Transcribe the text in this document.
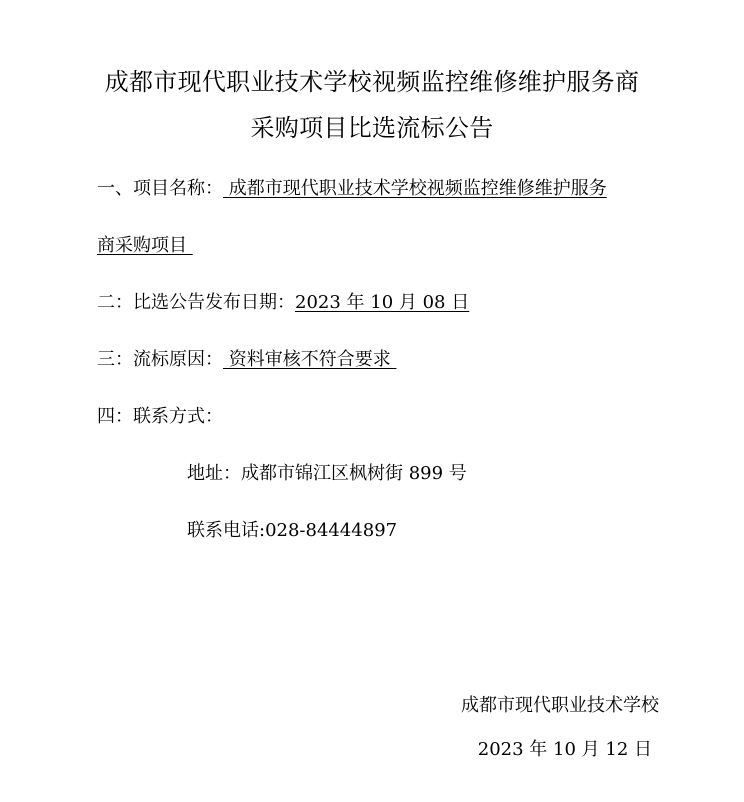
成都市现代职业技术学校视频监控维修维护服务商
采购项目比选流标公告
一、项目名称： 成都市现代职业技术学校视频监控维修维护服务
商采购项目
二：比选公告发布日期：2023 年 10 月 08 日
三：流标原因： 资料审核不符合要求
四：联系方式：
地址：成都市锦江区枫树街 899 号
联系电话:028-84444897
成都市现代职业技术学校
2023 年 10 月 12 日
